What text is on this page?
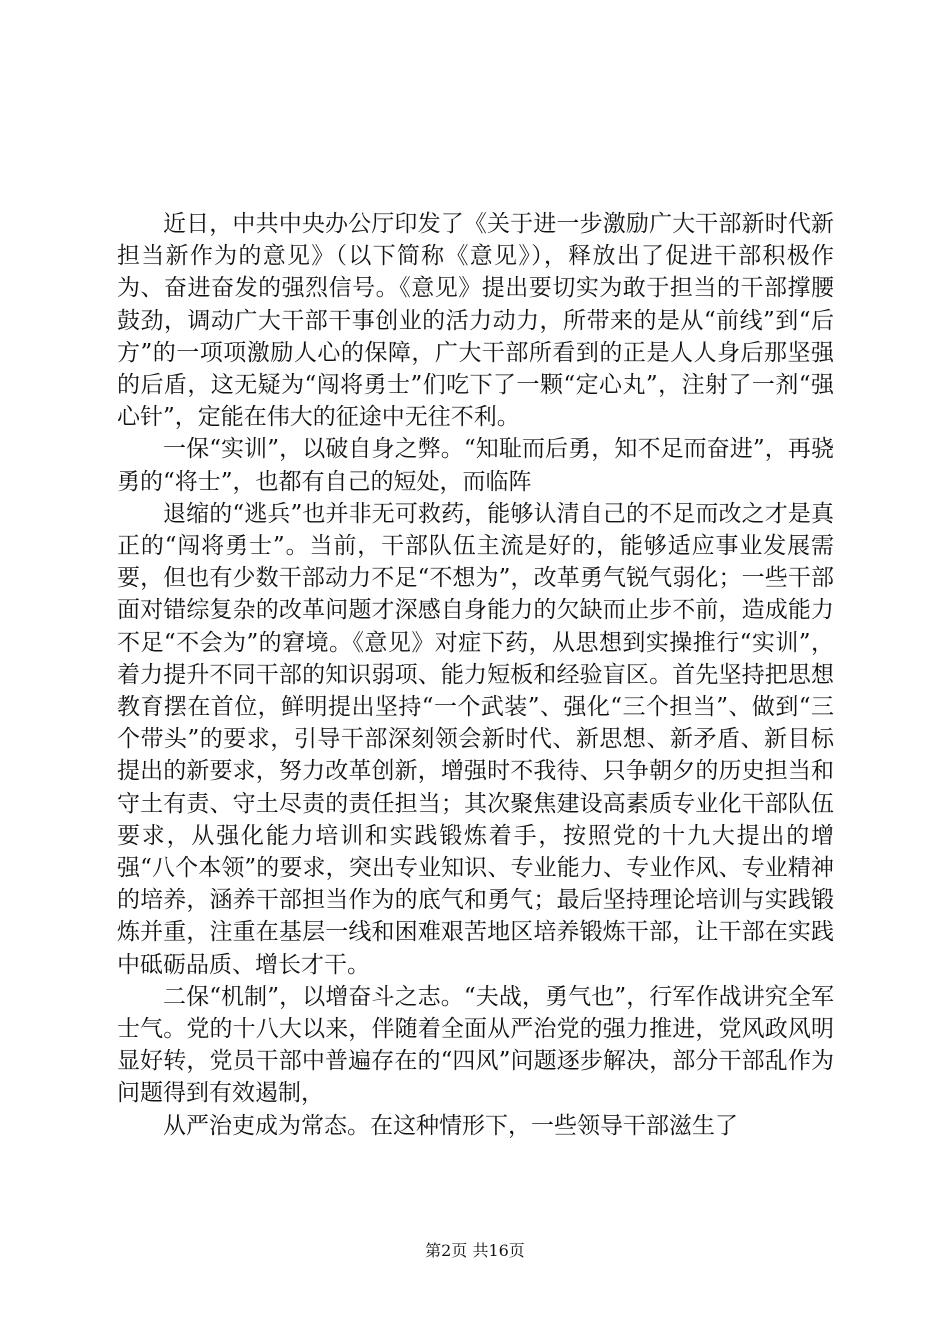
近日，中共中央办公厅印发了《关于进一步激励广大干部新时代新担当新作为的意见》（以下简称《意见》），释放出了促进干部积极作为、奋进奋发的强烈信号。《意见》提出要切实为敢于担当的干部撑腰鼓劲，调动广大干部干事创业的活力动力，所带来的是从“前线”到“后方”的一项项激励人心的保障，广大干部所看到的正是人人身后那坚强的后盾，这无疑为“闯将勇士”们吃下了一颗“定心丸”，注射了一剂“强心针”，定能在伟大的征途中无往不利。

一保“实训”，以破自身之弊。“知耻而后勇，知不足而奋进”，再骁勇的“将士”，也都有自己的短处，而临阵

退缩的“逃兵”也并非无可救药，能够认清自己的不足而改之才是真正的“闯将勇士”。当前，干部队伍主流是好的，能够适应事业发展需要，但也有少数干部动力不足“不想为”，改革勇气锐气弱化；一些干部面对错综复杂的改革问题才深感自身能力的欠缺而止步不前，造成能力不足“不会为”的窘境。《意见》对症下药，从思想到实操推行“实训”，着力提升不同干部的知识弱项、能力短板和经验盲区。首先坚持把思想教育摆在首位，鲜明提出坚持“一个武装”、强化“三个担当”、做到“三个带头”的要求，引导干部深刻领会新时代、新思想、新矛盾、新目标提出的新要求，努力改革创新，增强时不我待、只争朝夕的历史担当和守土有责、守土尽责的责任担当；其次聚焦建设高素质专业化干部队伍要求，从强化能力培训和实践锻炼着手，按照党的十九大提出的增强“八个本领”的要求，突出专业知识、专业能力、专业作风、专业精神的培养，涵养干部担当作为的底气和勇气；最后坚持理论培训与实践锻炼并重，注重在基层一线和困难艰苦地区培养锻炼干部，让干部在实践中砥砺品质、增长才干。

二保“机制”，以增奋斗之志。“夫战，勇气也”，行军作战讲究全军士气。党的十八大以来，伴随着全面从严治党的强力推进，党风政风明显好转，党员干部中普遍存在的“四风”问题逐步解决，部分干部乱作为问题得到有效遏制，

从严治吏成为常态。在这种情形下，一些领导干部滋生了

第2页 共16页
